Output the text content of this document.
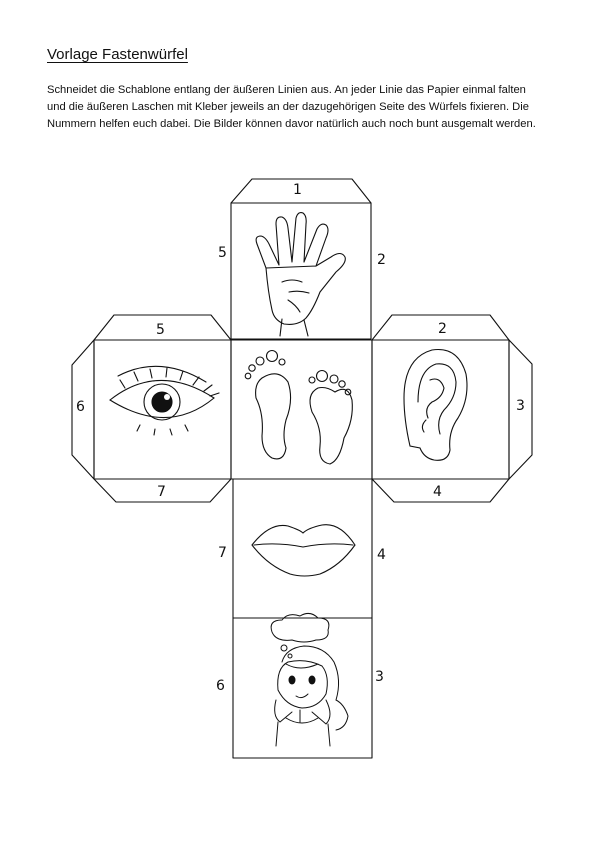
Vorlage Fastenwürfel
Schneidet die Schablone entlang der äußeren Linien aus. An jeder Linie das Papier einmal falten und die äußeren Laschen mit Kleber jeweils an der dazugehörigen Seite des Würfels fixieren. Die Nummern helfen euch dabei. Die Bilder können davor natürlich auch noch bunt ausgemalt werden.
1
5	2
5
6
7
2
3
4
7	4
6
3
